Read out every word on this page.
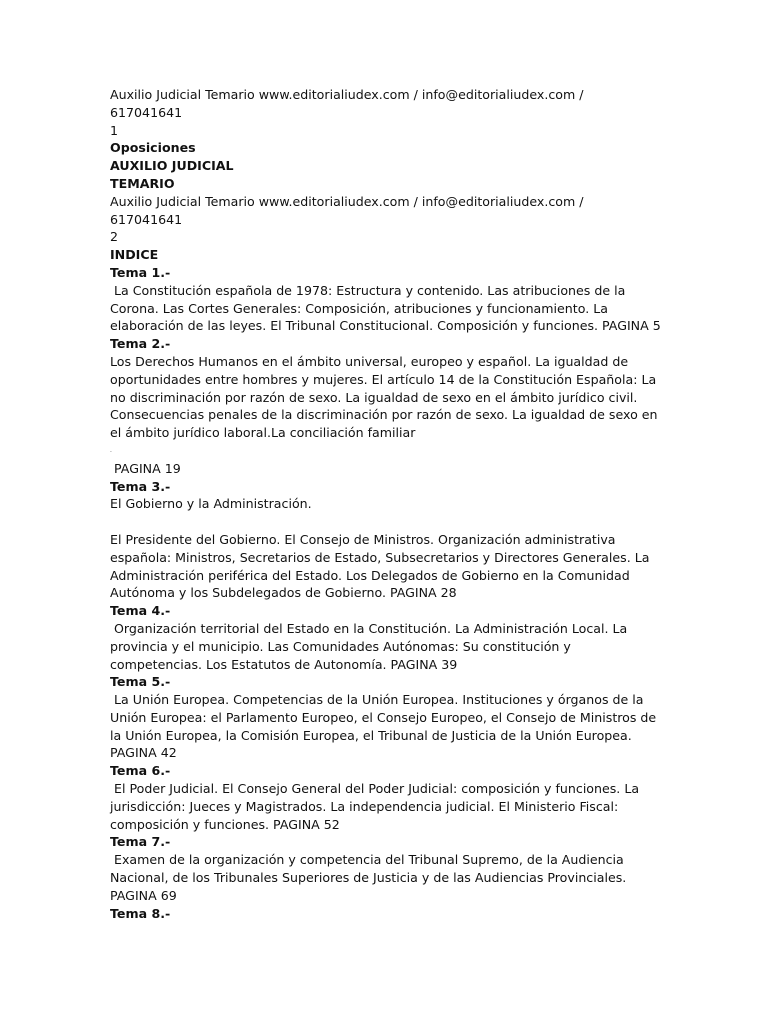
Auxilio Judicial Temario www.editorialiudex.com / info@editorialiudex.com /
617041641
1
Oposiciones
AUXILIO JUDICIAL
TEMARIO
Auxilio Judicial Temario www.editorialiudex.com / info@editorialiudex.com /
617041641
2
INDICE
Tema 1.-
La Constitución española de 1978: Estructura y contenido. Las atribuciones de la
Corona. Las Cortes Generales: Composición, atribuciones y funcionamiento. La
elaboración de las leyes. El Tribunal Constitucional. Composición y funciones. PAGINA 5
Tema 2.-
Los Derechos Humanos en el ámbito universal, europeo y español. La igualdad de
oportunidades entre hombres y mujeres. El artículo 14 de la Constitución Española: La
no discriminación por razón de sexo. La igualdad de sexo en el ámbito jurídico civil.
Consecuencias penales de la discriminación por razón de sexo. La igualdad de sexo en
el ámbito jurídico laboral.La conciliación familiar
.
PAGINA 19
Tema 3.-
El Gobierno y la Administración.
El Presidente del Gobierno. El Consejo de Ministros. Organización administrativa
española: Ministros, Secretarios de Estado, Subsecretarios y Directores Generales. La
Administración periférica del Estado. Los Delegados de Gobierno en la Comunidad
Autónoma y los Subdelegados de Gobierno. PAGINA 28
Tema 4.-
Organización territorial del Estado en la Constitución. La Administración Local. La
provincia y el municipio. Las Comunidades Autónomas: Su constitución y
competencias. Los Estatutos de Autonomía. PAGINA 39
Tema 5.-
La Unión Europea. Competencias de la Unión Europea. Instituciones y órganos de la
Unión Europea: el Parlamento Europeo, el Consejo Europeo, el Consejo de Ministros de
la Unión Europea, la Comisión Europea, el Tribunal de Justicia de la Unión Europea.
PAGINA 42
Tema 6.-
El Poder Judicial. El Consejo General del Poder Judicial: composición y funciones. La
jurisdicción: Jueces y Magistrados. La independencia judicial. El Ministerio Fiscal:
composición y funciones. PAGINA 52
Tema 7.-
Examen de la organización y competencia del Tribunal Supremo, de la Audiencia
Nacional, de los Tribunales Superiores de Justicia y de las Audiencias Provinciales.
PAGINA 69
Tema 8.-
